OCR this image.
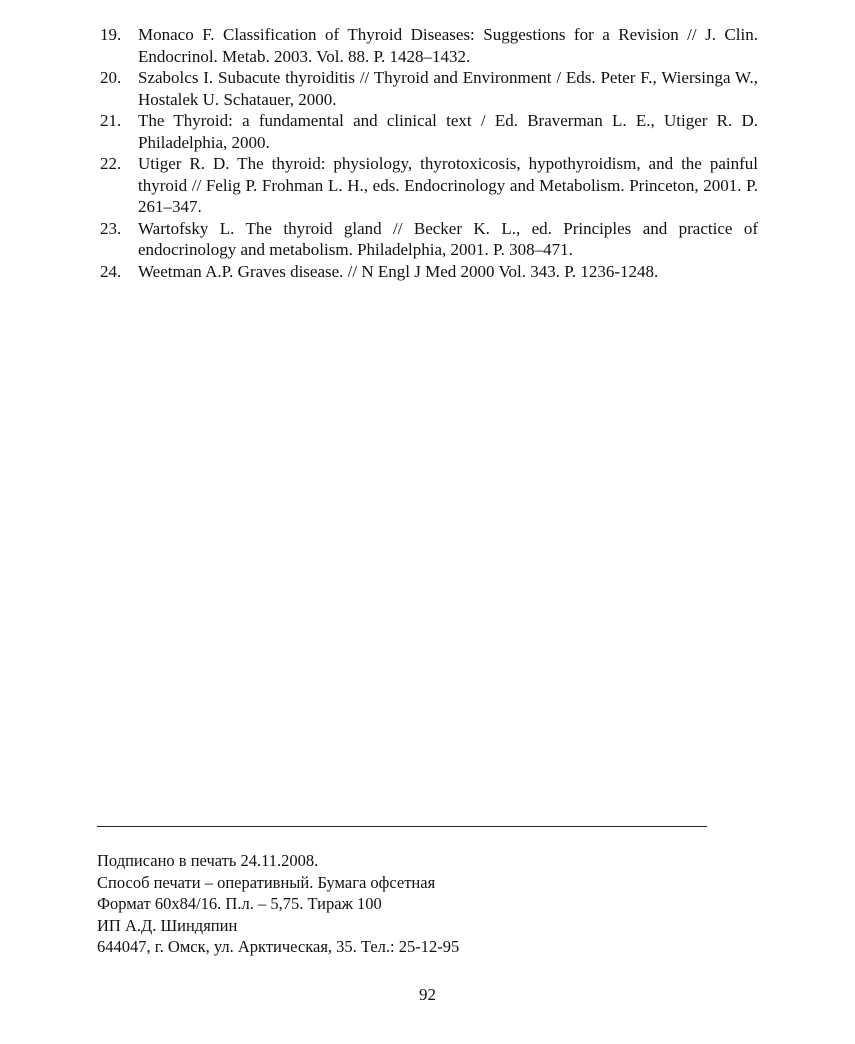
19. Monaco F. Classification of Thyroid Diseases: Suggestions for a Revision // J. Clin. Endocrinol. Metab. 2003. Vol. 88. P. 1428–1432.
20. Szabolcs I. Subacute thyroiditis // Thyroid and Environment / Eds. Peter F., Wiersinga W., Hostalek U. Schatauer, 2000.
21. The Thyroid: a fundamental and clinical text / Ed. Braverman L. E., Utiger R. D. Philadelphia, 2000.
22. Utiger R. D. The thyroid: physiology, thyrotoxicosis, hypothyroidism, and the painful thyroid // Felig P. Frohman L. H., eds. Endocrinology and Metabolism. Princeton, 2001. P. 261–347.
23. Wartofsky L. The thyroid gland // Becker K. L., ed. Principles and practice of endocrinology and metabolism. Philadelphia, 2001. P. 308–471.
24. Weetman A.P. Graves disease. // N Engl J Med 2000 Vol. 343. P. 1236-1248.
Подписано в печать 24.11.2008.
Способ печати – оперативный. Бумага офсетная
Формат 60x84/16. П.л. – 5,75. Тираж 100
ИП А.Д. Шиндяпин
644047, г. Омск, ул. Арктическая, 35. Тел.: 25-12-95
92
